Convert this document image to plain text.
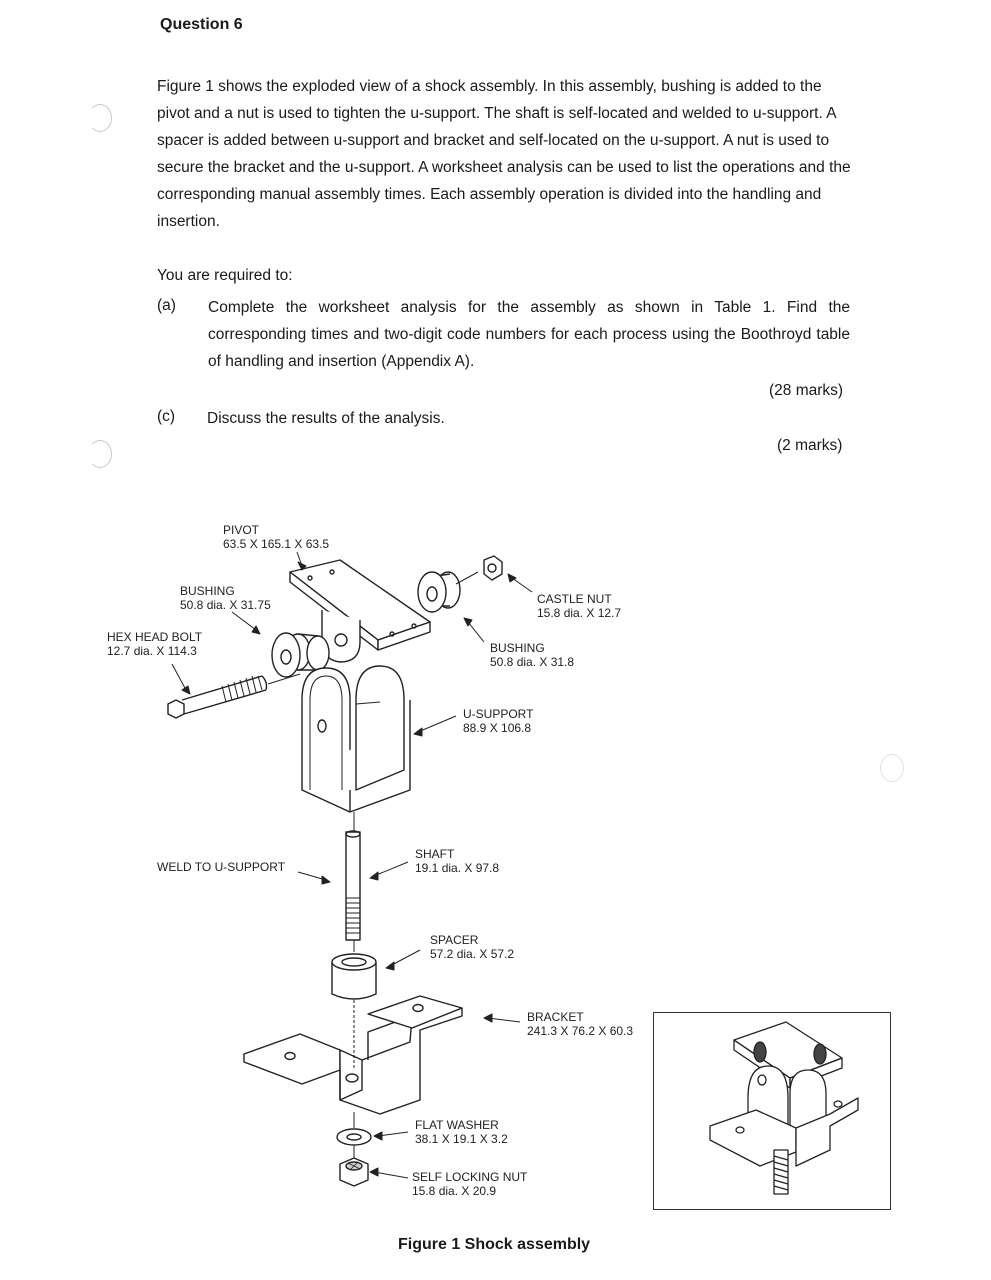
Question 6
Figure 1 shows the exploded view of a shock assembly. In this assembly, bushing is added to the pivot and a nut is used to tighten the u-support. The shaft is self-located and welded to u-support. A spacer is added between u-support and bracket and self-located on the u-support. A nut is used to secure the bracket and the u-support. A worksheet analysis can be used to list the operations and the corresponding manual assembly times. Each assembly operation is divided into the handling and insertion.
You are required to:
(a) Complete the worksheet analysis for the assembly as shown in Table 1. Find the corresponding times and two-digit code numbers for each process using the Boothroyd table of handling and insertion (Appendix A).
(28 marks)
(c) Discuss the results of the analysis.
(2 marks)
PIVOT
63.5 X 165.1 X 63.5
BUSHING
50.8 dia. X 31.75
HEX HEAD BOLT
12.7 dia. X 114.3
CASTLE NUT
15.8 dia. X 12.7
BUSHING
50.8 dia. X 31.8
U-SUPPORT
88.9 X 106.8
WELD TO U-SUPPORT
SHAFT
19.1 dia. X 97.8
SPACER
57.2 dia. X 57.2
BRACKET
241.3 X 76.2 X 60.3
FLAT WASHER
38.1 X 19.1 X 3.2
SELF LOCKING NUT
15.8 dia. X 20.9
Figure 1 Shock assembly
